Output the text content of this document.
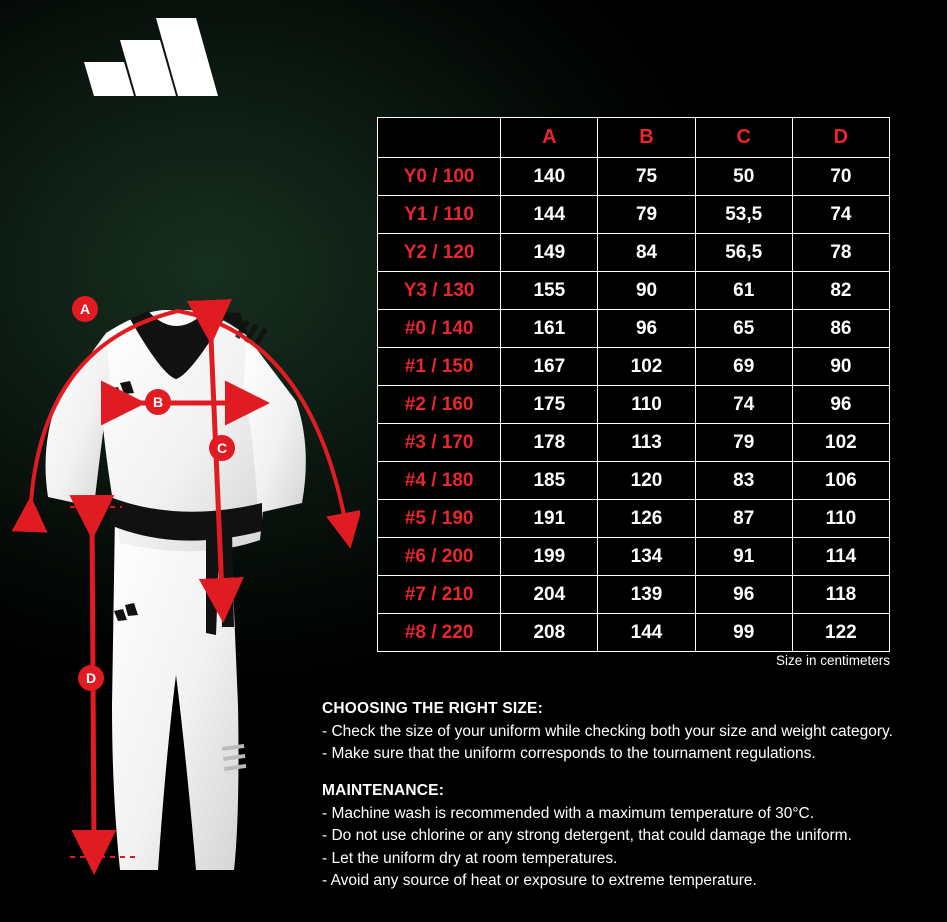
A
B
C
D
	A	B	C	D
Y0 / 100	140	75	50	70
Y1 / 110	144	79	53,5	74
Y2 / 120	149	84	56,5	78
Y3 / 130	155	90	61	82
#0 / 140	161	96	65	86
#1 / 150	167	102	69	90
#2 / 160	175	110	74	96
#3 / 170	178	113	79	102
#4 / 180	185	120	83	106
#5 / 190	191	126	87	110
#6 / 200	199	134	91	114
#7 / 210	204	139	96	118
#8 / 220	208	144	99	122
Size in centimeters
CHOOSING THE RIGHT SIZE:

- Check the size of your uniform while checking both your size and weight category.

- Make sure that the uniform corresponds to the tournament regulations.

MAINTENANCE:

- Machine wash is recommended with a maximum temperature of 30°C.

- Do not use chlorine or any strong detergent, that could damage the uniform.

- Let the uniform dry at room temperatures.

- Avoid any source of heat or exposure to extreme temperature.
